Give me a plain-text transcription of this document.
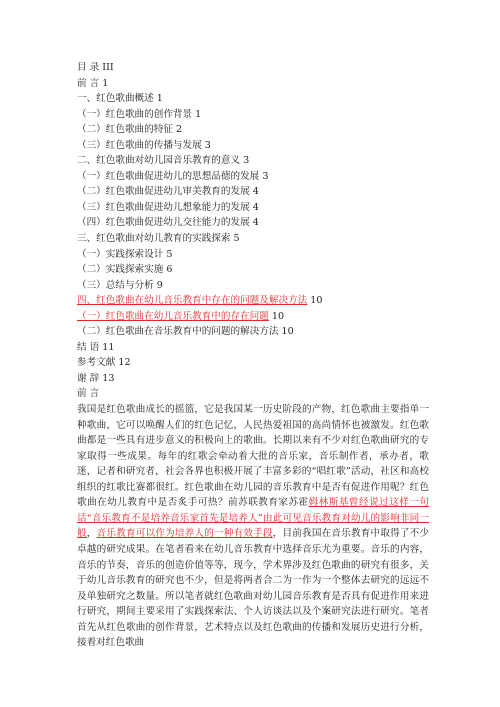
目 录 III
前 言 1
一、红色歌曲概述 1
（一）红色歌曲的创作背景 1
（二）红色歌曲的特征 2
（三）红色歌曲的传播与发展 3
二、红色歌曲对幼儿园音乐教育的意义 3
（一）红色歌曲促进幼儿的思想品德的发展 3
（二）红色歌曲促进幼儿审美教育的发展 4
（三）红色歌曲促进幼儿想象能力的发展 4
（四）红色歌曲促进幼儿交往能力的发展 4
三、红色歌曲对幼儿教育的实践探索 5
（一）实践探索设计 5
（二）实践探索实施 6
（三）总结与分析 9
四、红色歌曲在幼儿音乐教育中存在的问题及解决方法 10
（一）红色歌曲在幼儿音乐教育中的存在问题 10
（二）红色歌曲在音乐教育中的问题的解决方法 10
结 语 11
参考文献 12
谢 辞 13
前 言

我国是红色歌曲成长的摇篮，它是我国某一历史阶段的产物，红色歌曲主要指单一种歌曲，它可以唤醒人们的红色记忆，人民热爱祖国的高尚情怀也被激发。红色歌曲都是一些具有进步意义的积极向上的歌曲。长期以来有不少对红色歌曲研究的专家取得一些成果。每年的红歌会牵动着大批的音乐家，音乐制作者，承办者，歌迷，记者和研究者，社会各界也积极开展了丰富多彩的“唱红歌”活动，社区和高校组织的红歌比赛都很红。红色歌曲在幼儿园的音乐教育中是否有促进作用呢？红色歌曲在幼儿教育中是否炙手可热？前苏联教育家苏霍姆林斯基曾经说过这样一句话“音乐教育不是培养音乐家首先是培养人”由此可见音乐教育对幼儿的影响非同一般，音乐教育可以作为培养人的一种有效手段，目前我国在音乐教育中取得了不少卓越的研究成果。在笔者看来在幼儿音乐教育中选择音乐尤为重要。音乐的内容，音乐的节奏，音乐的创造价值等等，现今，学术界涉及红色歌曲的研究有很多，关于幼儿音乐教育的研究也不少，但是将两者合二为一作为一个整体去研究的远远不及单独研究之数量。所以笔者就红色歌曲对幼儿园音乐教育是否具有促进作用来进行研究，期间主要采用了实践探索法、个人访谈法以及个案研究法进行研究。笔者首先从红色歌曲的创作背景，艺术特点以及红色歌曲的传播和发展历史进行分析，接着对红色歌曲
